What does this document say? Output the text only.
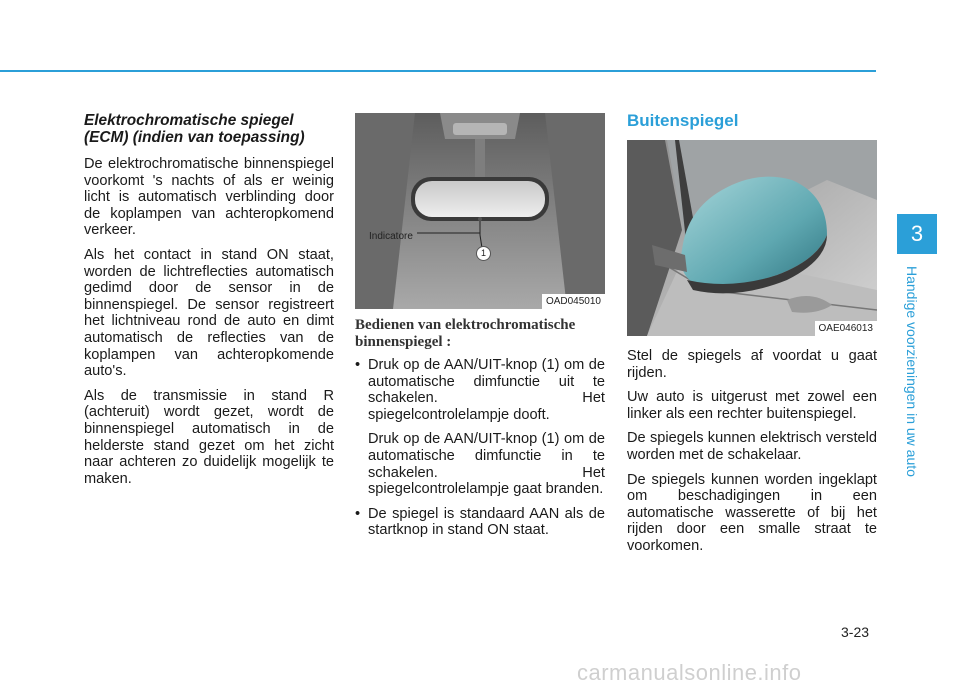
Elektrochromatische spiegel (ECM) (indien van toepassing)

De elektrochromatische binnenspiegel voorkomt 's nachts of als er weinig licht is automatisch verblinding door de koplampen van achteropkomend verkeer.

Als het contact in stand ON staat, worden de lichtreflecties automatisch gedimd door de sensor in de binnenspiegel. De sensor registreert het lichtniveau rond de auto en dimt automatisch de reflecties van de koplampen van achteropkomende auto's.

Als de transmissie in stand R (achteruit) wordt gezet, wordt de binnenspiegel automatisch in de helderste stand gezet om het zicht naar achteren zo duidelijk mogelijk te maken.

Indicatore
1
OAD045010
Bedienen van elektrochromatische binnenspiegel :

• Druk op de AAN/UIT-knop (1) om de automatische dimfunctie uit te schakelen. Het spiegelcontrolelampje dooft.

Druk op de AAN/UIT-knop (1) om de automatische dimfunctie in te schakelen. Het spiegelcontrolelampje gaat branden.

• De spiegel is standaard AAN als de startknop in stand ON staat.

Buitenspiegel
OAE046013

Stel de spiegels af voordat u gaat rijden.

Uw auto is uitgerust met zowel een linker als een rechter buitenspiegel.

De spiegels kunnen elektrisch versteld worden met de schakelaar.

De spiegels kunnen worden ingeklapt om beschadigingen in een automatische wasserette of bij het rijden door een smalle straat te voorkomen.

3
Handige voorzieningen in uw auto
3-23
carmanualsonline.info
